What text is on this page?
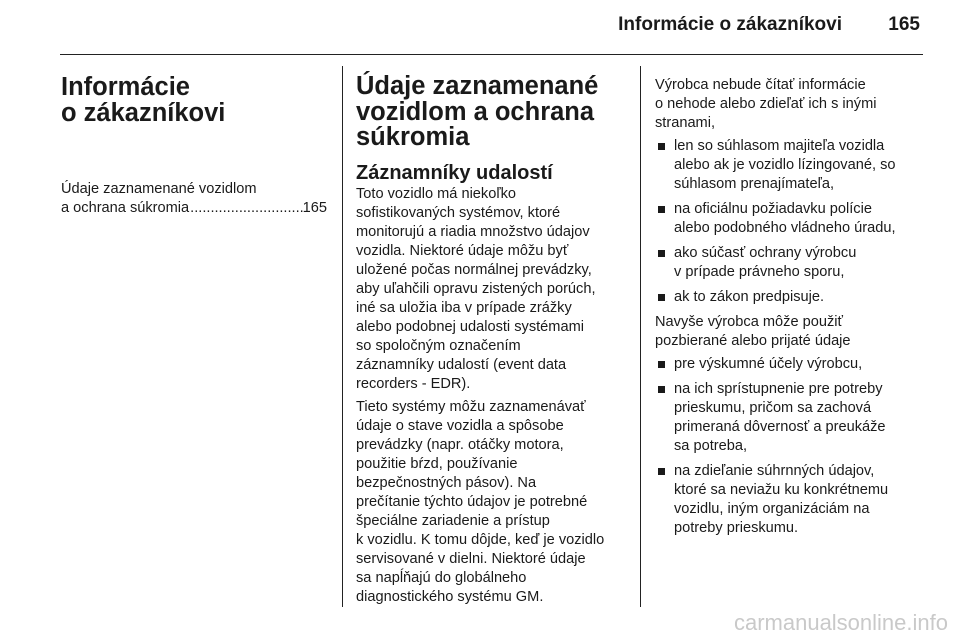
Informácie o zákazníkovi 165
Informácie
o zákazníkovi
Údaje zaznamenané vozidlom
a ochrana súkromia
.....	165
Údaje zaznamenané
vozidlom a ochrana
súkromia
Záznamníky udalostí

Toto vozidlo má niekoľko
sofistikovaných systémov, ktoré
monitorujú a riadia množstvo údajov
vozidla. Niektoré údaje môžu byť
uložené počas normálnej prevádzky,
aby uľahčili opravu zistených porúch,
iné sa uložia iba v prípade zrážky
alebo podobnej udalosti systémami
so spoločným označením
záznamníky udalostí (event data
recorders - EDR).

Tieto systémy môžu zaznamenávať
údaje o stave vozidla a spôsobe
prevádzky (napr. otáčky motora,
použitie bŕzd, používanie
bezpečnostných pásov). Na
prečítanie týchto údajov je potrebné
špeciálne zariadenie a prístup
k vozidlu. K tomu dôjde, keď je vozidlo
servisované v dielni. Niektoré údaje
sa napĺňajú do globálneho
diagnostického systému GM.

Výrobca nebude čítať informácie
o nehode alebo zdieľať ich s inými
stranami,

len so súhlasom majiteľa vozidla
alebo ak je vozidlo lízingované, so
súhlasom prenajímateľa,
na oficiálnu požiadavku polície
alebo podobného vládneho úradu,
ako súčasť ochrany výrobcu
v prípade právneho sporu,
ak to zákon predpisuje.

Navyše výrobca môže použiť
pozbierané alebo prijaté údaje

pre výskumné účely výrobcu,
na ich sprístupnenie pre potreby
prieskumu, pričom sa zachová
primeraná dôvernosť a preukáže
sa potreba,
na zdieľanie súhrnných údajov,
ktoré sa neviažu ku konkrétnemu
vozidlu, iným organizáciám na
potreby prieskumu.
carmanualsonline.info
